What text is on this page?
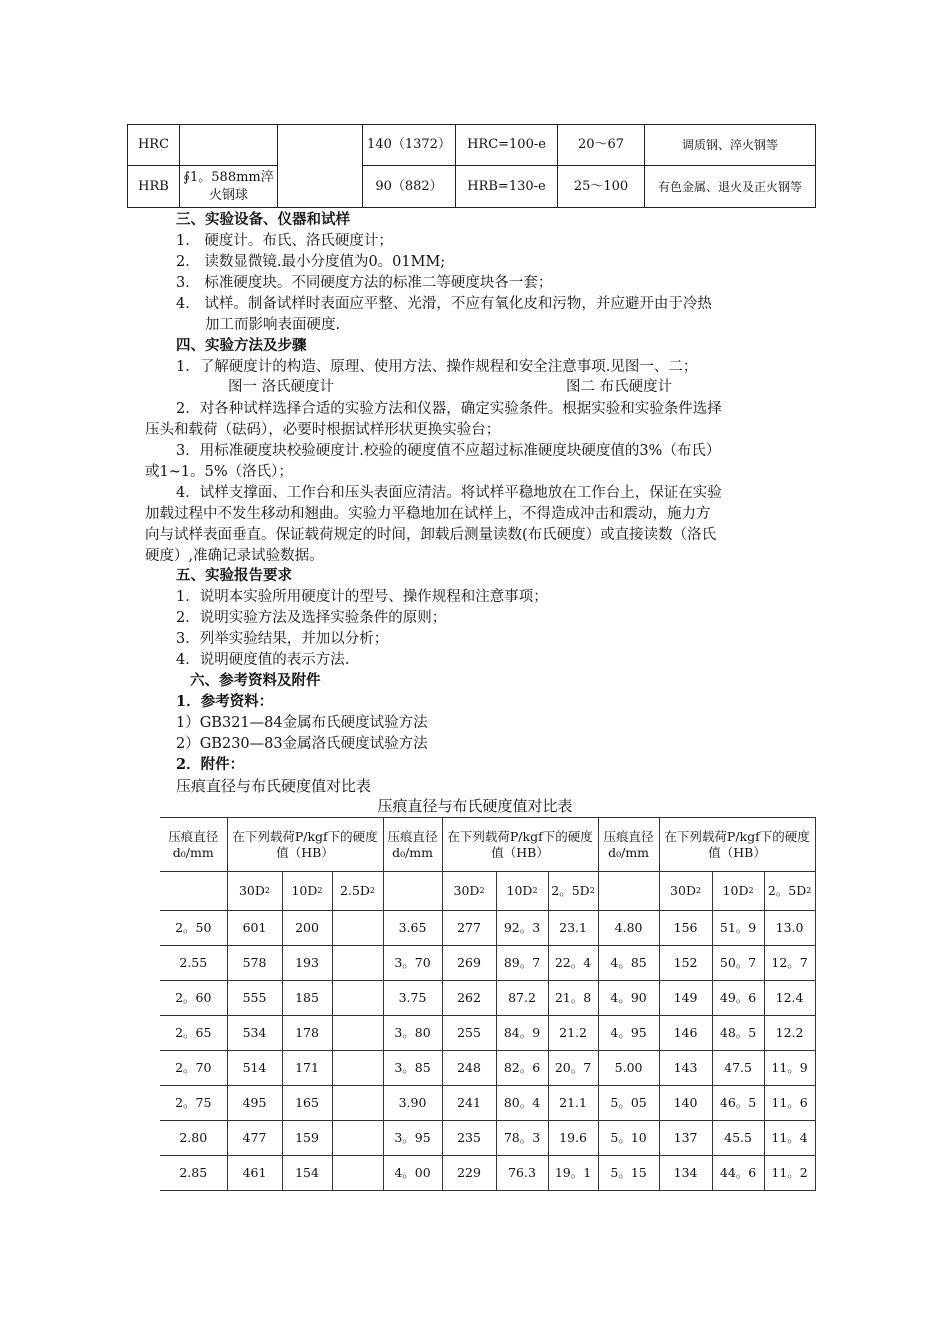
HRC			140（1372）	HRC=100-e	20～67	调质钢、淬火钢等
HRB	∮1。588mm淬火钢球		90（882）	HRB=130-e	25～100	有色金属、退火及正火钢等
三、实验设备、仪器和试样
1． 硬度计。布氏、洛氏硬度计；
2． 读数显微镜.最小分度值为0。01MM;
3． 标准硬度块。不同硬度方法的标准二等硬度块各一套；
4． 试样。制备试样时表面应平整、光滑，不应有氧化皮和污物，并应避开由于冷热
加工而影响表面硬度.
四、实验方法及步骤
1．了解硬度计的构造、原理、使用方法、操作规程和安全注意事项.见图一、二；
图一 洛氏硬度计	图二 布氏硬度计
2．对各种试样选择合适的实验方法和仪器，确定实验条件。根据实验和实验条件选择
压头和载荷（砝码），必要时根据试样形状更换实验台；
3．用标准硬度块校验硬度计.校验的硬度值不应超过标准硬度块硬度值的3%（布氏）
或1~1。5%（洛氏）；
4．试样支撑面、工作台和压头表面应清洁。将试样平稳地放在工作台上，保证在实验
加载过程中不发生移动和翘曲。实验力平稳地加在试样上，不得造成冲击和震动，施力方
向与试样表面垂直。保证载荷规定的时间，卸载后测量读数(布氏硬度）或直接读数（洛氏
硬度）,准确记录试验数据。
五、实验报告要求
1．说明本实验所用硬度计的型号、操作规程和注意事项；
2．说明实验方法及选择实验条件的原则；
3．列举实验结果，并加以分析；
4．说明硬度值的表示方法.
六、参考资料及附件
1．参考资料：
1）GB321—84金属布氏硬度试验方法
2）GB230—83金属洛氏硬度试验方法
2．附件：
压痕直径与布氏硬度值对比表
压痕直径与布氏硬度值对比表
压痕直径d₀/mm	在下列载荷P/kgf下的硬度值（HB）			压痕直径d₀/mm	在下列载荷P/kgf下的硬度值（HB）			压痕直径d₀/mm	在下列载荷P/kgf下的硬度值（HB）		
	$30D^2$	$10D^2$	$2.5D^2$		$30D^2$	$10D^2$	2。$5D^2$		$30D^2$	$10D^2$	2。$5D^2$
2。50	601	200		3.65	277	92。3	23.1	4.80	156	51。9	13.0
2.55	578	193		3。70	269	89。7	22。4	4。85	152	50。7	12。7
2。60	555	185		3.75	262	87.2	21。8	4。90	149	49。6	12.4
2。65	534	178		3。80	255	84。9	21.2	4。95	146	48。5	12.2
2。70	514	171		3。85	248	82。6	20。7	5.00	143	47.5	11。9
2。75	495	165		3.90	241	80。4	21.1	5。05	140	46。5	11。6
2.80	477	159		3。95	235	78。3	19.6	5。10	137	45.5	11。4
2.85	461	154		4。00	229	76.3	19。1	5。15	134	44。6	11。2
